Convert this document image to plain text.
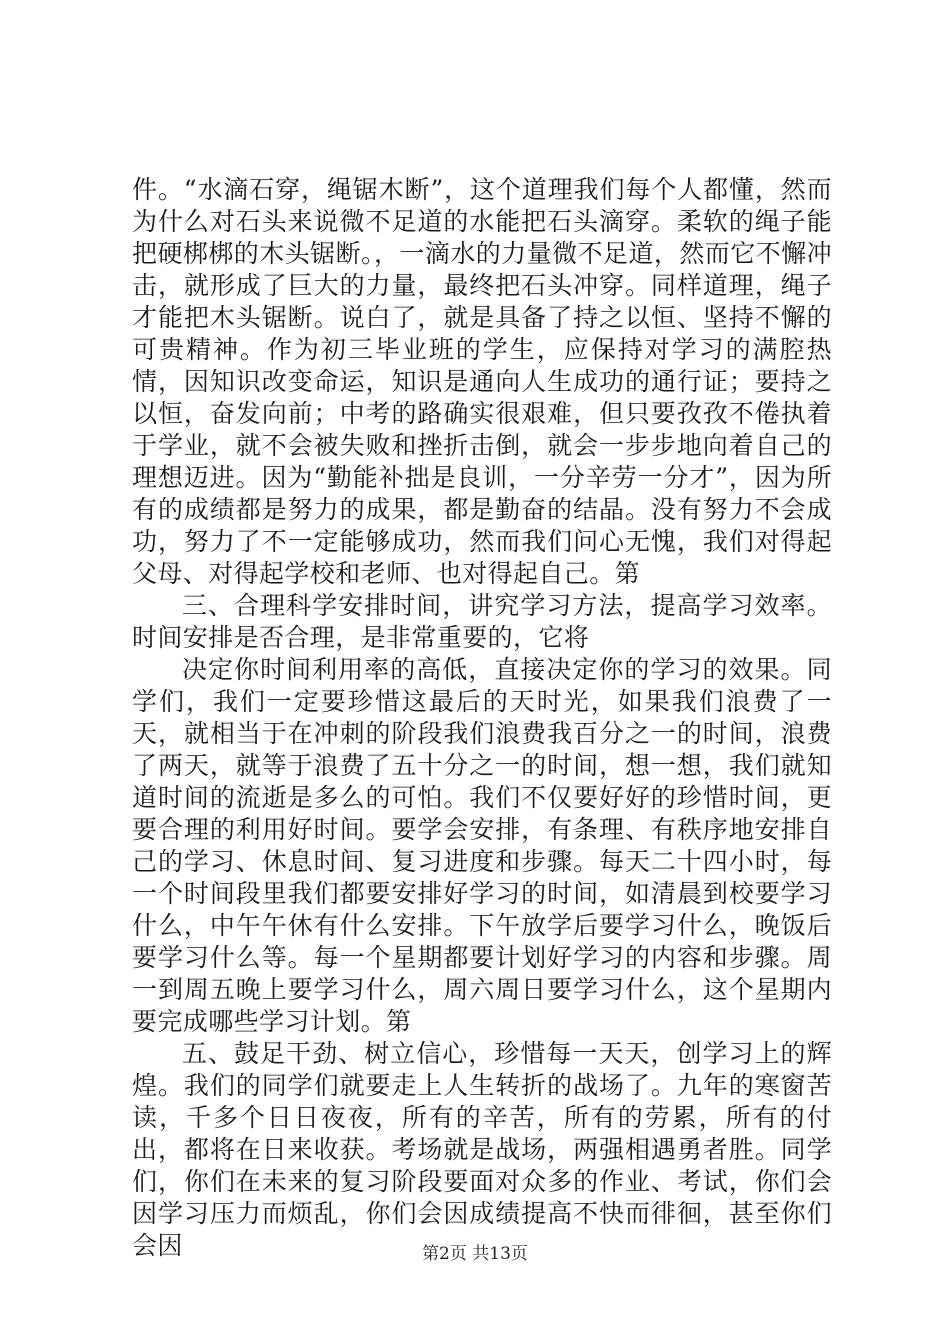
件。“水滴石穿，绳锯木断”，这个道理我们每个人都懂，然而为什么对石头来说微不足道的水能把石头滴穿。柔软的绳子能把硬梆梆的木头锯断。，一滴水的力量微不足道，然而它不懈冲击，就形成了巨大的力量，最终把石头冲穿。同样道理，绳子才能把木头锯断。说白了，就是具备了持之以恒、坚持不懈的可贵精神。作为初三毕业班的学生，应保持对学习的满腔热情，因知识改变命运，知识是通向人生成功的通行证；要持之以恒，奋发向前；中考的路确实很艰难，但只要孜孜不倦执着于学业，就不会被失败和挫折击倒，就会一步步地向着自己的理想迈进。因为“勤能补拙是良训，一分辛劳一分才”，因为所有的成绩都是努力的成果，都是勤奋的结晶。没有努力不会成功，努力了不一定能够成功，然而我们问心无愧，我们对得起父母、对得起学校和老师、也对得起自己。第

三、合理科学安排时间，讲究学习方法，提高学习效率。时间安排是否合理，是非常重要的，它将

决定你时间利用率的高低，直接决定你的学习的效果。同学们，我们一定要珍惜这最后的天时光，如果我们浪费了一天，就相当于在冲刺的阶段我们浪费我百分之一的时间，浪费了两天，就等于浪费了五十分之一的时间，想一想，我们就知道时间的流逝是多么的可怕。我们不仅要好好的珍惜时间，更要合理的利用好时间。要学会安排，有条理、有秩序地安排自己的学习、休息时间、复习进度和步骤。每天二十四小时，每一个时间段里我们都要安排好学习的时间，如清晨到校要学习什么，中午午休有什么安排。下午放学后要学习什么，晚饭后要学习什么等。每一个星期都要计划好学习的内容和步骤。周一到周五晚上要学习什么，周六周日要学习什么，这个星期内要完成哪些学习计划。第

五、鼓足干劲、树立信心，珍惜每一天天，创学习上的辉煌。我们的同学们就要走上人生转折的战场了。九年的寒窗苦读，千多个日日夜夜，所有的辛苦，所有的劳累，所有的付出，都将在日来收获。考场就是战场，两强相遇勇者胜。同学们，你们在未来的复习阶段要面对众多的作业、考试，你们会因学习压力而烦乱，你们会因成绩提高不快而徘徊，甚至你们会因	第2页 共13页
